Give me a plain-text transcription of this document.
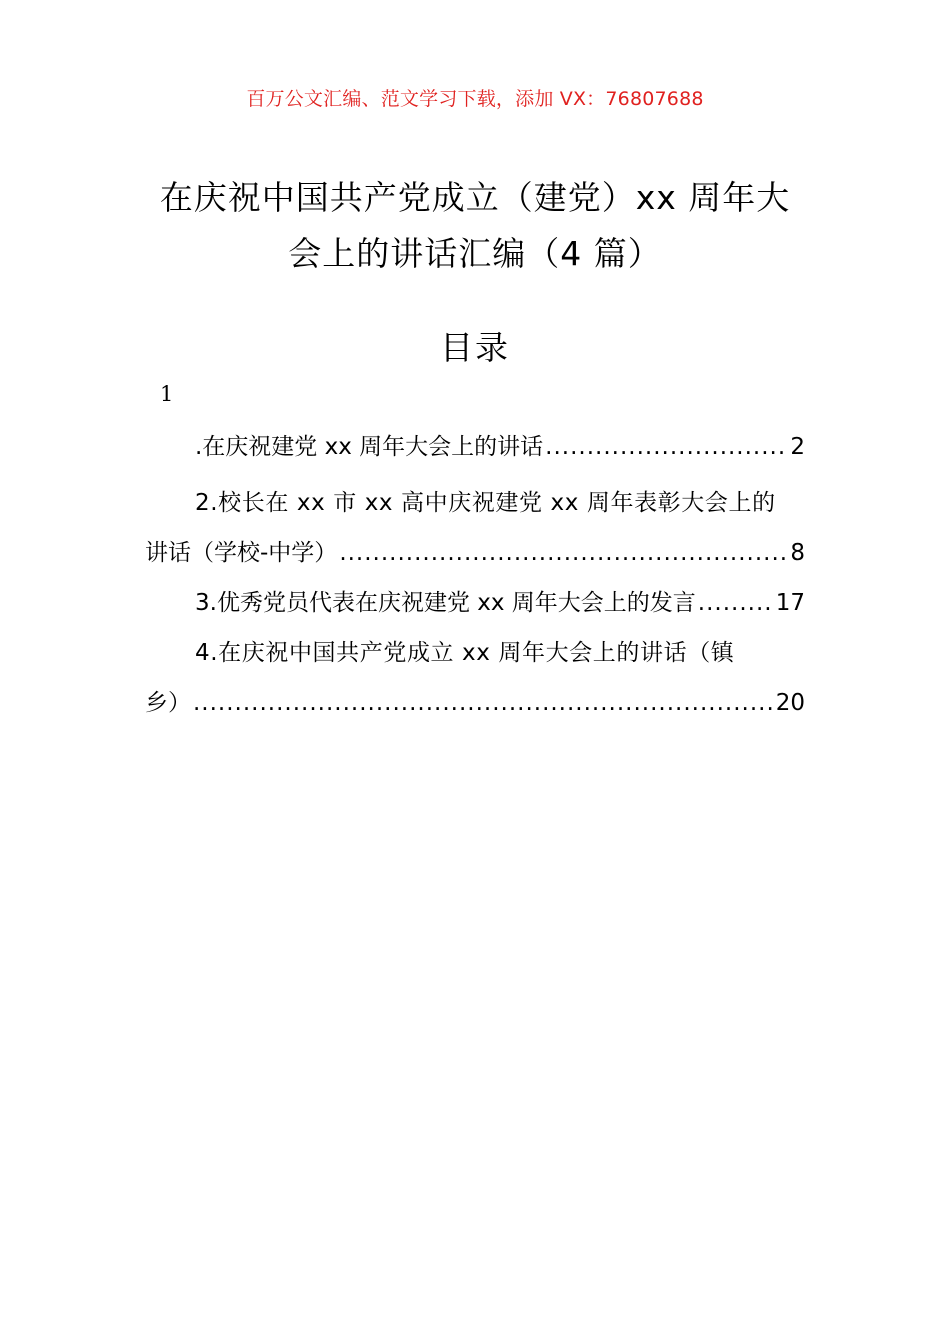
百万公文汇编、范文学习下载，添加 VX：76807688
在庆祝中国共产党成立（建党）xx 周年大
会上的讲话汇编（4 篇）
目录
1
.在庆祝建党 xx 周年大会上的讲话 .....	2
2.校长在 xx 市 xx 高中庆祝建党 xx 周年表彰大会上的
讲话（学校-中学） .....	8
3.优秀党员代表在庆祝建党 xx 周年大会上的发言 .....	17
4.在庆祝中国共产党成立 xx 周年大会上的讲话（镇
乡） .....	20
